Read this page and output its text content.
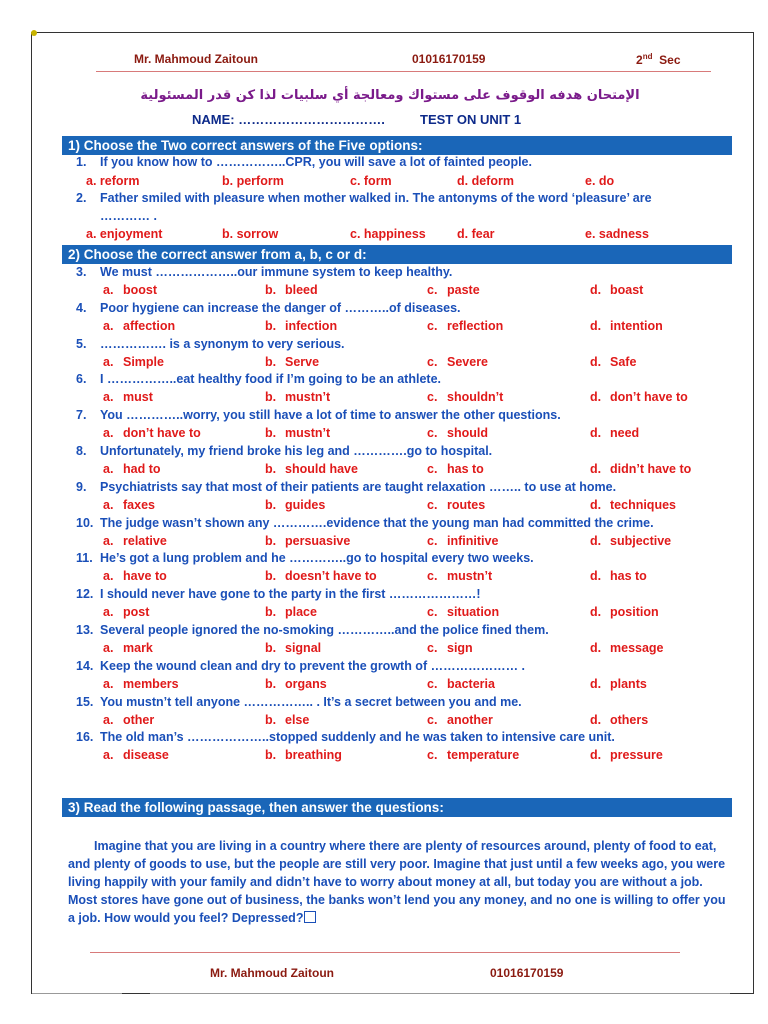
Mr. Mahmoud Zaitoun	01016170159	2nd Sec
الإمتحان هدفه الوقوف على مستواك ومعالجة أي سلبيات لذا كن قدر المسئولية
NAME: …………………………….	TEST ON UNIT 1
1) Choose the Two correct answers of the Five options:
1. If you know how to ……………..CPR, you will save a lot of fainted people.
a. reform	b. perform	c. form	d. deform	e. do
2. Father smiled with pleasure when mother walked in. The antonyms of the word ‘pleasure’ are
………… .
a. enjoyment	b. sorrow	c. happiness	d. fear	e. sadness
2) Choose the correct answer from a, b, c or d:
3. We must ………………..our immune system to keep healthy.
a. boost	b. bleed	c. paste	d. boast
4. Poor hygiene can increase the danger of ………..of diseases.
a. affection	b. infection	c. reflection	d. intention
5. ……………. is a synonym to very serious.
a. Simple	b. Serve	c. Severe	d. Safe
6. I ……………..eat healthy food if I’m going to be an athlete.
a. must	b. mustn’t	c. shouldn’t	d. don’t have to
7. You …………..worry, you still have a lot of time to answer the other questions.
a. don’t have to	b. mustn’t	c. should	d. need
8. Unfortunately, my friend broke his leg and ………….go to hospital.
a. had to	b. should have	c. has to	d. didn’t have to
9. Psychiatrists say that most of their patients are taught relaxation …….. to use at home.
a. faxes	b. guides	c. routes	d. techniques
10. The judge wasn’t shown any ………….evidence that the young man had committed the crime.
a. relative	b. persuasive	c. infinitive	d. subjective
11. He’s got a lung problem and he …………..go to hospital every two weeks.
a. have to	b. doesn’t have to	c. mustn’t	d. has to
12. I should never have gone to the party in the first …………………!
a. post	b. place	c. situation	d. position
13. Several people ignored the no-smoking …………..and the police fined them.
a. mark	b. signal	c. sign	d. message
14. Keep the wound clean and dry to prevent the growth of ………………… .
a. members	b. organs	c. bacteria	d. plants
15. You mustn’t tell anyone …………….. . It’s a secret between you and me.
a. other	b. else	c. another	d. others
16. The old man’s ………………..stopped suddenly and he was taken to intensive care unit.
a. disease	b. breathing	c. temperature	d. pressure
3) Read the following passage, then answer the questions:

Imagine that you are living in a country where there are plenty of resources around, plenty of food to eat, and plenty of goods to use, but the people are still very poor. Imagine that just until a few weeks ago, you were living happily with your family and didn’t have to worry about money at all, but today you are without a job. Most stores have gone out of business, the banks won’t lend you any money, and no one is willing to offer you a job. How would you feel? Depressed?

Mr. Mahmoud Zaitoun	01016170159
